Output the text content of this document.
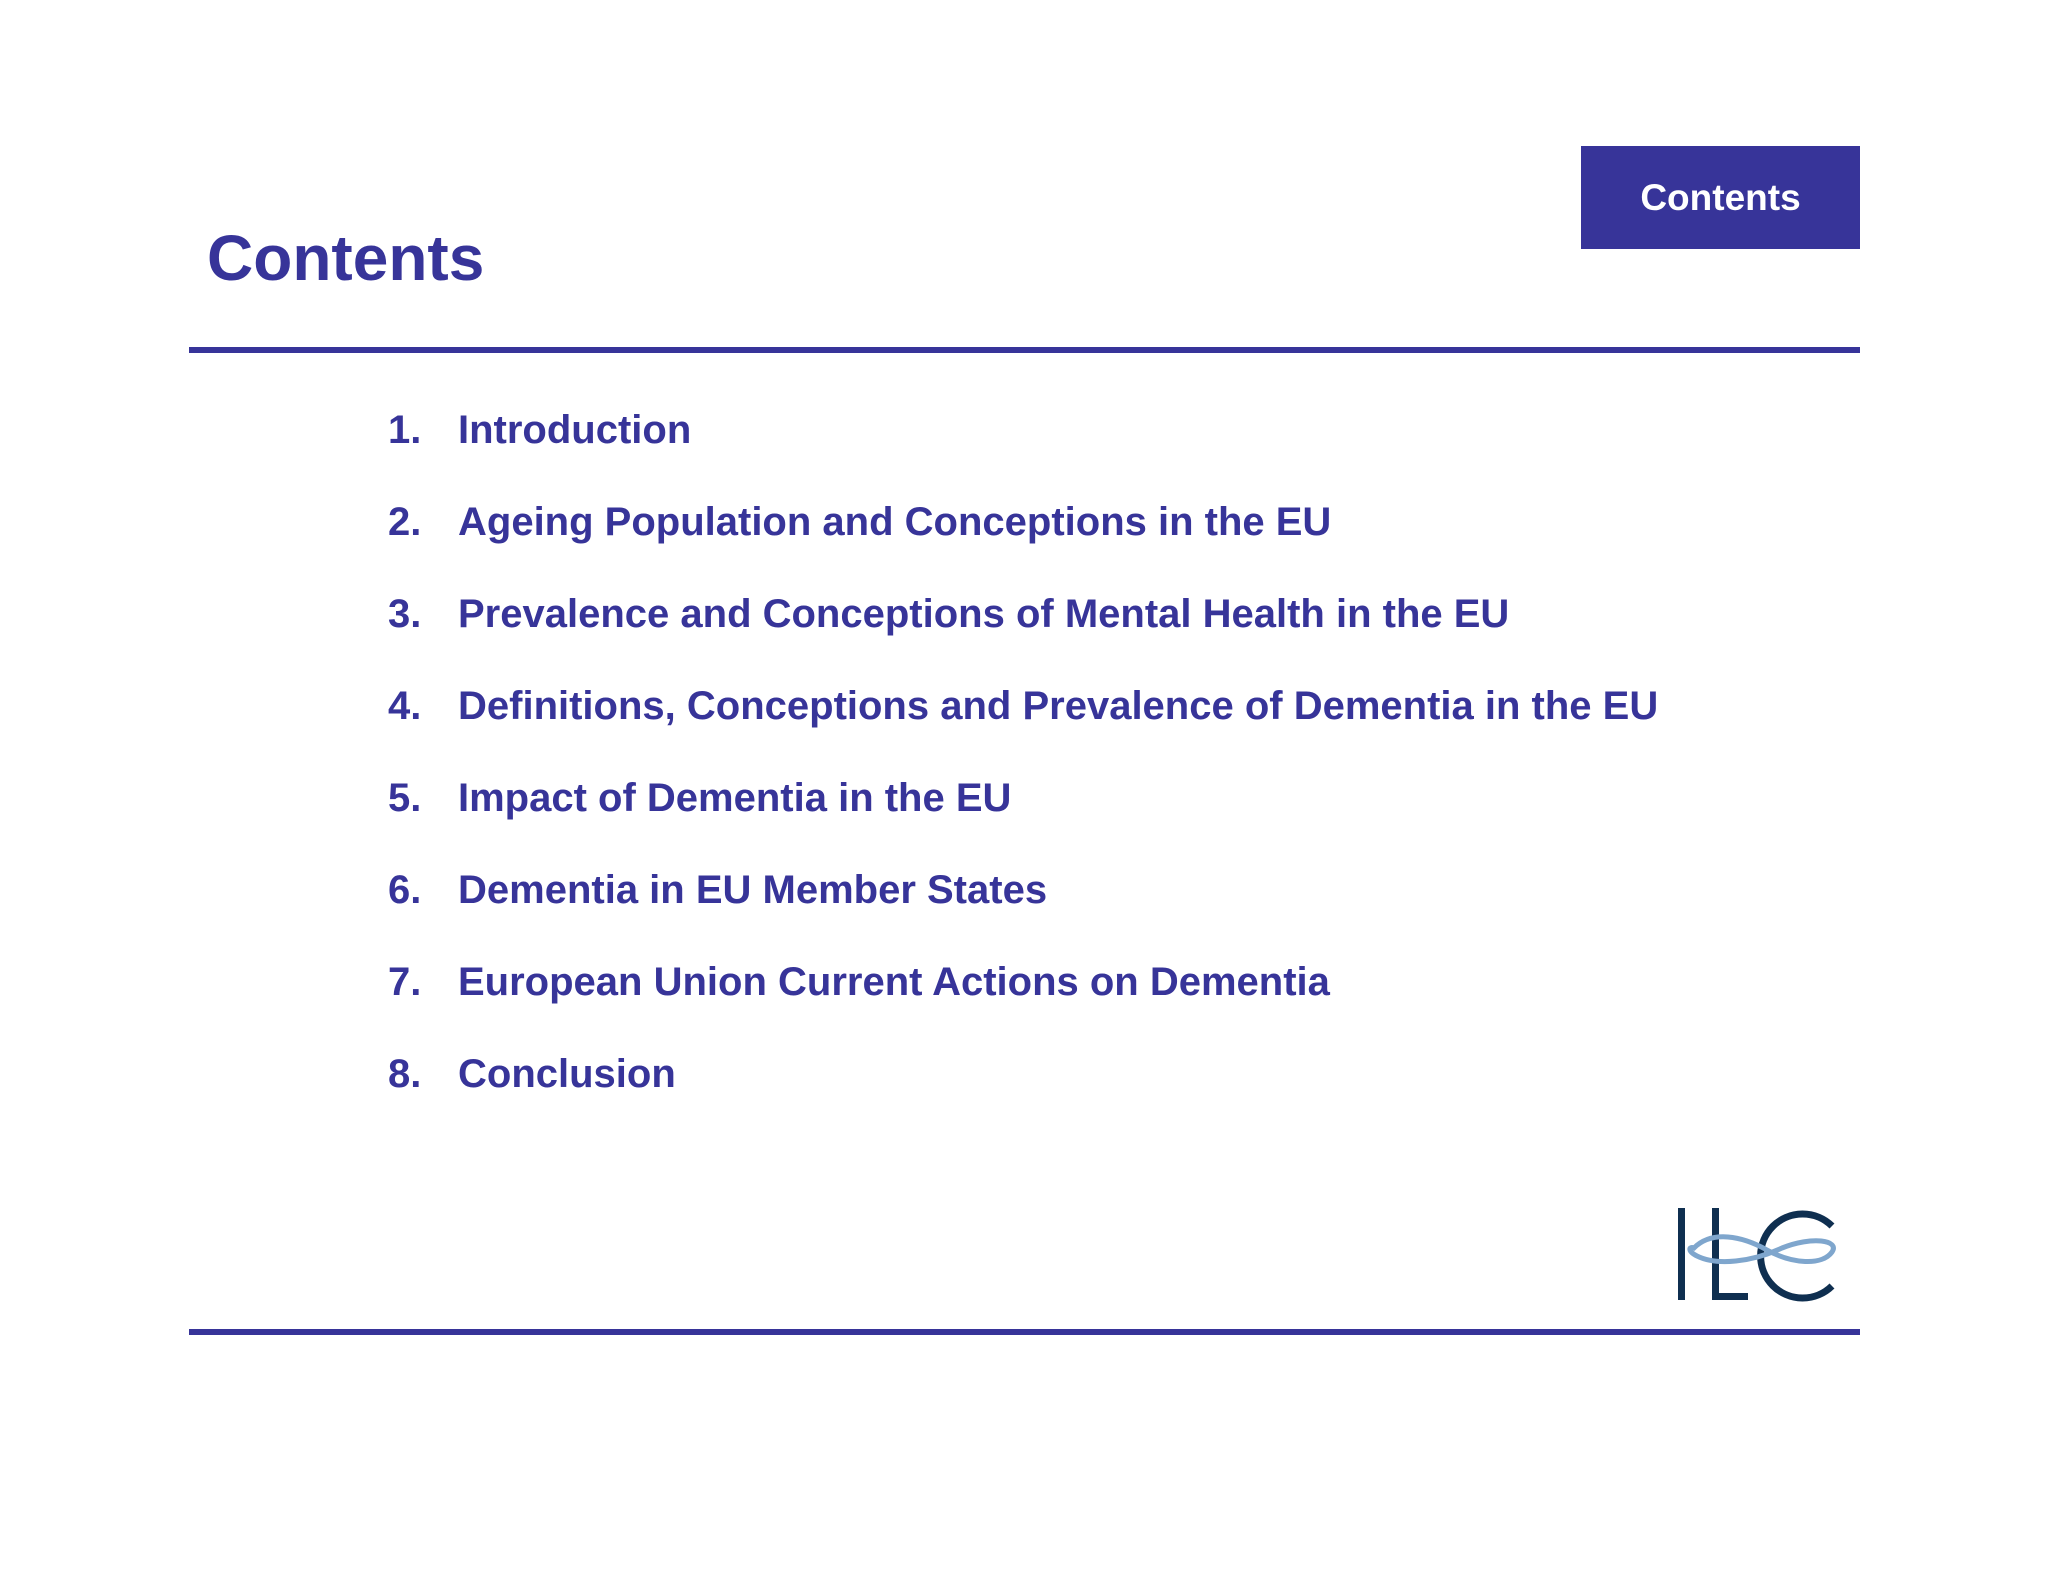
Contents
Contents
1. Introduction
2. Ageing Population and Conceptions in the EU
3. Prevalence and Conceptions of Mental Health in the EU
4. Definitions, Conceptions and Prevalence of Dementia in the EU
5. Impact of Dementia in the EU
6. Dementia in EU Member States
7. European Union Current Actions on Dementia
8. Conclusion
